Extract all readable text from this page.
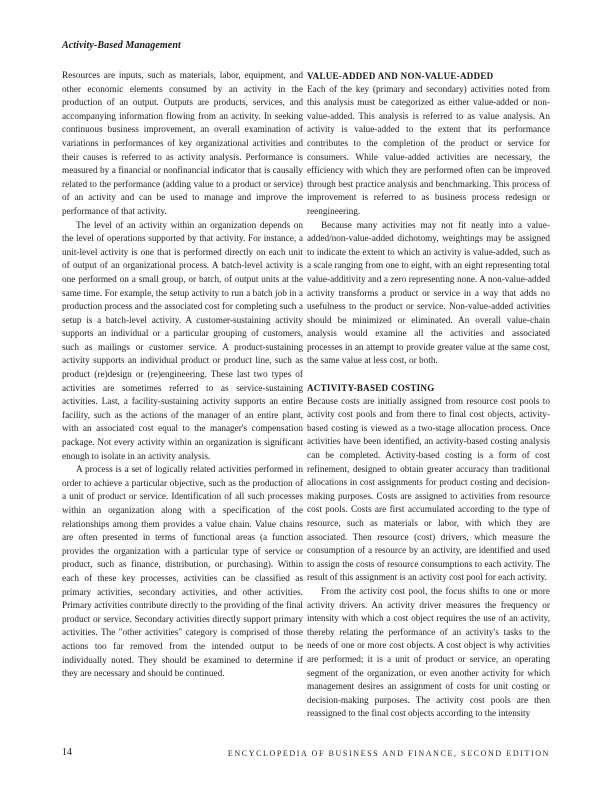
Activity-Based Management

Resources are inputs, such as materials, labor, equipment, and other economic elements consumed by an activity in the production of an output. Outputs are products, services, and accompanying information flowing from an activity. In seeking continuous business improvement, an overall examination of variations in performances of key organizational activities and their causes is referred to as activity analysis. Performance is measured by a financial or nonfinancial indicator that is causally related to the performance (adding value to a product or service) of an activity and can be used to manage and improve the performance of that activity.

The level of an activity within an organization depends on the level of operations supported by that activity. For instance, a unit-level activity is one that is performed directly on each unit of output of an organizational process. A batch-level activity is one performed on a small group, or batch, of output units at the same time. For example, the setup activity to run a batch job in a production process and the associated cost for completing such a setup is a batch-level activity. A customer-sustaining activity supports an individual or a particular grouping of customers, such as mailings or customer service. A product-sustaining activity supports an individual product or product line, such as product (re)design or (re)engineering. These last two types of activities are sometimes referred to as service-sustaining activities. Last, a facility-sustaining activity supports an entire facility, such as the actions of the manager of an entire plant, with an associated cost equal to the manager's compensation package. Not every activity within an organization is significant enough to isolate in an activity analysis.

A process is a set of logically related activities performed in order to achieve a particular objective, such as the production of a unit of product or service. Identification of all such processes within an organization along with a specification of the relationships among them provides a value chain. Value chains are often presented in terms of functional areas (a function provides the organization with a particular type of service or product, such as finance, distribution, or purchasing). Within each of these key processes, activities can be classified as primary activities, secondary activities, and other activities. Primary activities contribute directly to the providing of the final product or service. Secondary activities directly support primary activities. The "other activities" category is comprised of those actions too far removed from the intended output to be individually noted. They should be examined to determine if they are necessary and should be continued.

VALUE-ADDED AND NON-VALUE-ADDED

Each of the key (primary and secondary) activities noted from this analysis must be categorized as either value-added or non-value-added. This analysis is referred to as value analysis. An activity is value-added to the extent that its performance contributes to the completion of the product or service for consumers. While value-added activities are necessary, the efficiency with which they are performed often can be improved through best practice analysis and benchmarking. This process of improvement is referred to as business process redesign or reengineering.

Because many activities may not fit neatly into a value-added/non-value-added dichotomy, weightings may be assigned to indicate the extent to which an activity is value-added, such as a scale ranging from one to eight, with an eight representing total value-additivity and a zero representing none. A non-value-added activity transforms a product or service in a way that adds no usefulness to the product or service. Non-value-added activities should be minimized or eliminated. An overall value-chain analysis would examine all the activities and associated processes in an attempt to provide greater value at the same cost, the same value at less cost, or both.

ACTIVITY-BASED COSTING

Because costs are initially assigned from resource cost pools to activity cost pools and from there to final cost objects, activity-based costing is viewed as a two-stage allocation process. Once activities have been identified, an activity-based costing analysis can be completed. Activity-based costing is a form of cost refinement, designed to obtain greater accuracy than traditional allocations in cost assignments for product costing and decision-making purposes. Costs are assigned to activities from resource cost pools. Costs are first accumulated according to the type of resource, such as materials or labor, with which they are associated. Then resource (cost) drivers, which measure the consumption of a resource by an activity, are identified and used to assign the costs of resource consumptions to each activity. The result of this assignment is an activity cost pool for each activity.

From the activity cost pool, the focus shifts to one or more activity drivers. An activity driver measures the frequency or intensity with which a cost object requires the use of an activity, thereby relating the performance of an activity's tasks to the needs of one or more cost objects. A cost object is why activities are performed; it is a unit of product or service, an operating segment of the organization, or even another activity for which management desires an assignment of costs for unit costing or decision-making purposes. The activity cost pools are then reassigned to the final cost objects according to the intensity

14	ENCYCLOPEDIA OF BUSINESS AND FINANCE, SECOND EDITION
